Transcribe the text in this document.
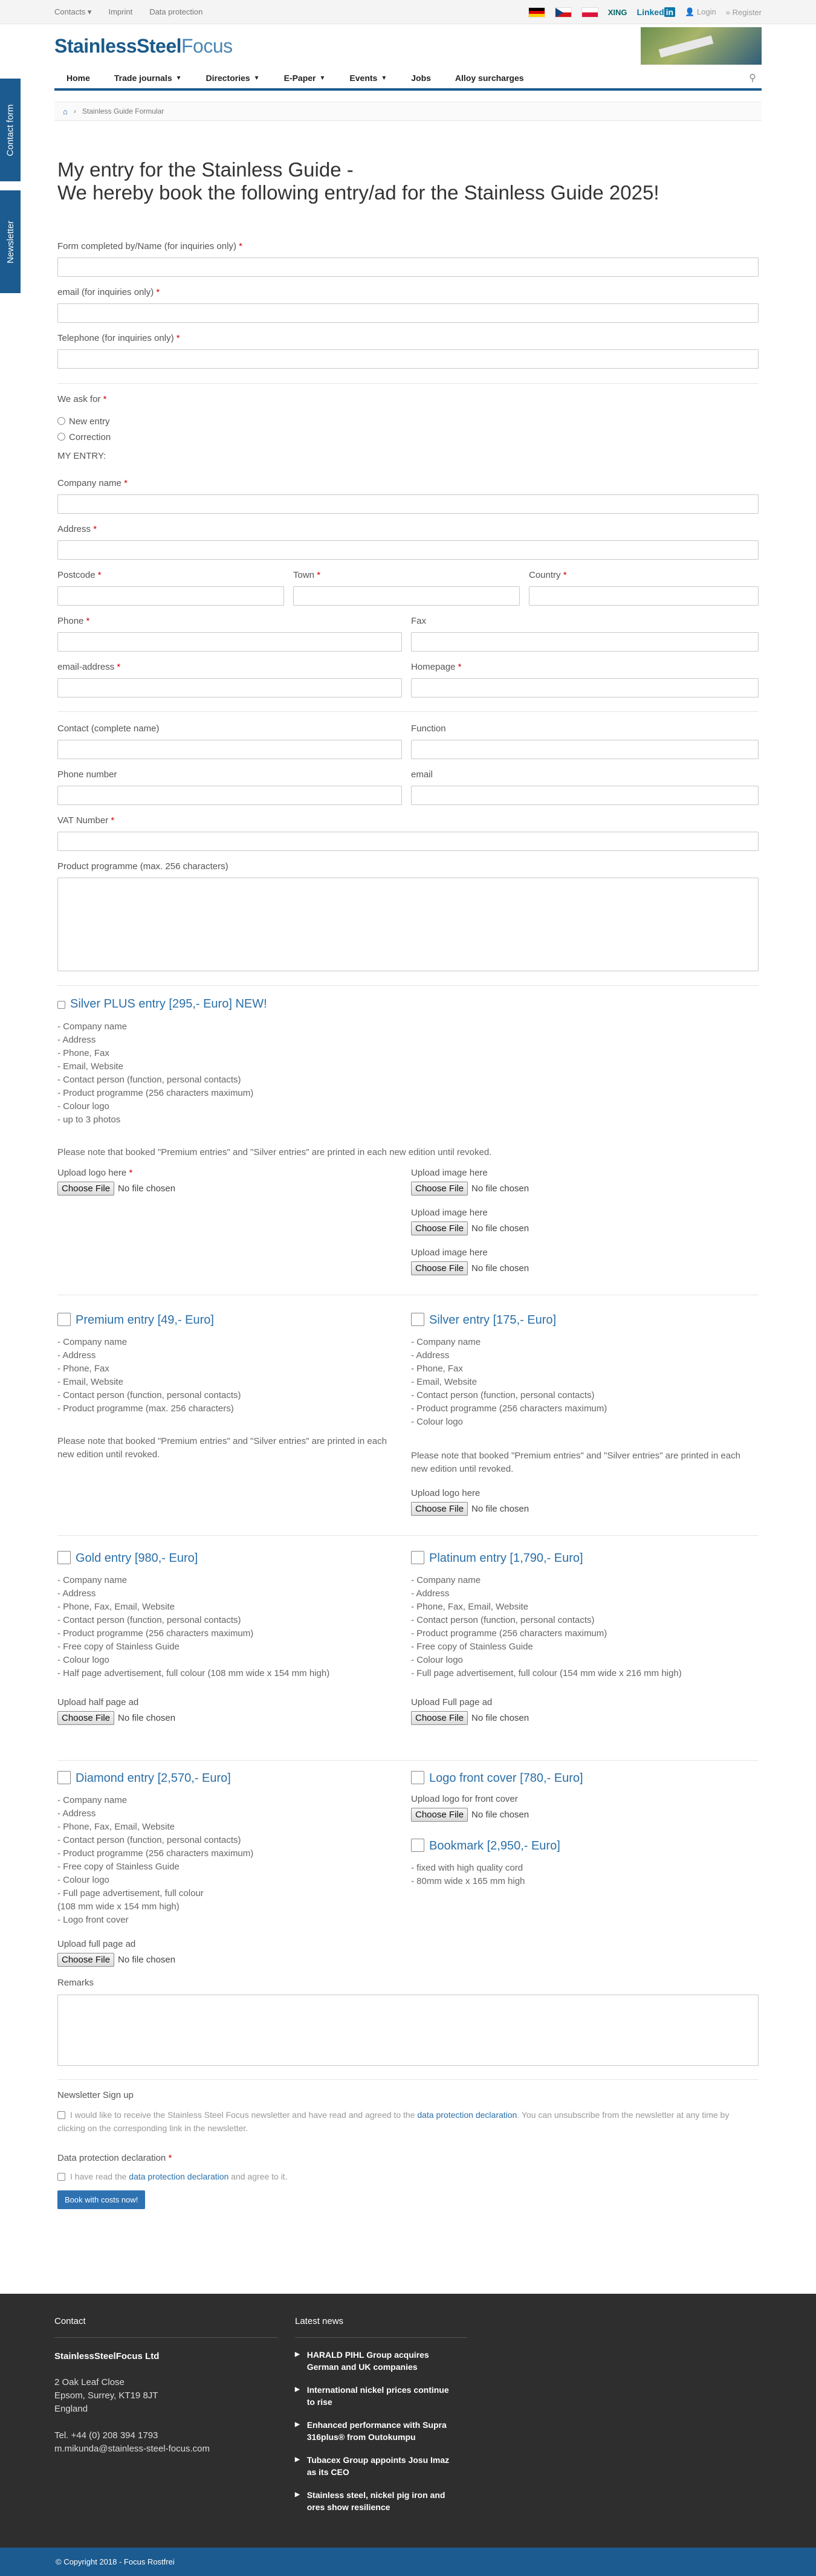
Contacts ▾ Imprint Data protection	XING Linked in 👤 Login » Register
StainlessSteelFocus
Home	Trade journals ▼	Directories ▼	E-Paper ▼	Events ▼	Jobs	Alloy surcharges	⚲
Contact form
Newsletter
⌂ › Stainless Guide Formular
My entry for the Stainless Guide -
We hereby book the following entry/ad for the Stainless Guide 2025!
Form completed by/Name (for inquiries only) *
email (for inquiries only) *
Telephone (for inquiries only) *
We ask for *
New entry
Correction
MY ENTRY:
Company name *
Address *
Postcode *	Town *	Country *
Phone *	Fax
email-address *	Homepage *
Contact (complete name)	Function
Phone number	email
VAT Number *
Product programme (max. 256 characters)
Silver PLUS entry [295,- Euro] NEW!
- Company name
- Address
- Phone, Fax
- Email, Website
- Contact person (function, personal contacts)
- Product programme (256 characters maximum)
- Colour logo
- up to 3 photos
Please note that booked "Premium entries" and "Silver entries" are printed in each new edition until revoked.
Upload logo here *
Choose File No file chosen
Upload image here
Choose File No file chosen
Upload image here
Choose File No file chosen
Upload image here
Choose File No file chosen
Premium entry [49,- Euro]
- Company name
- Address
- Phone, Fax
- Email, Website
- Contact person (function, personal contacts)
- Product programme (max. 256 characters)
Please note that booked "Premium entries" and "Silver entries" are printed in each new edition until revoked.
Silver entry [175,- Euro]
- Company name
- Address
- Phone, Fax
- Email, Website
- Contact person (function, personal contacts)
- Product programme (256 characters maximum)
- Colour logo
Please note that booked "Premium entries" and "Silver entries" are printed in each new edition until revoked.
Upload logo here
Choose File No file chosen
Gold entry [980,- Euro]
- Company name
- Address
- Phone, Fax, Email, Website
- Contact person (function, personal contacts)
- Product programme (256 characters maximum)
- Free copy of Stainless Guide
- Colour logo
- Half page advertisement, full colour (108 mm wide x 154 mm high)
Upload half page ad
Choose File No file chosen
Platinum entry [1,790,- Euro]
- Company name
- Address
- Phone, Fax, Email, Website
- Contact person (function, personal contacts)
- Product programme (256 characters maximum)
- Free copy of Stainless Guide
- Colour logo
- Full page advertisement, full colour (154 mm wide x 216 mm high)
Upload Full page ad
Choose File No file chosen
Diamond entry [2,570,- Euro]
- Company name
- Address
- Phone, Fax, Email, Website
- Contact person (function, personal contacts)
- Product programme (256 characters maximum)
- Free copy of Stainless Guide
- Colour logo
- Full page advertisement, full colour
(108 mm wide x 154 mm high)
- Logo front cover
Upload full page ad
Choose File No file chosen
Logo front cover [780,- Euro]
Upload logo for front cover
Choose File No file chosen
Bookmark [2,950,- Euro]
- fixed with high quality cord
- 80mm wide x 165 mm high
Remarks
Newsletter Sign up
I would like to receive the Stainless Steel Focus newsletter and have read and agreed to the data protection declaration. You can unsubscribe from the newsletter at any time by clicking on the corresponding link in the newsletter.
Data protection declaration *
I have read the data protection declaration and agree to it.
Book with costs now!
Contact
StainlessSteelFocus Ltd
2 Oak Leaf Close
Epsom, Surrey, KT19 8JT
England
Tel. +44 (0) 208 394 1793
m.mikunda@stainless-steel-focus.com
Latest news
▶ HARALD PIHL Group acquires German and UK companies
▶ International nickel prices continue to rise
▶ Enhanced performance with Supra 316plus® from Outokumpu
▶ Tubacex Group appoints Josu Imaz as its CEO
▶ Stainless steel, nickel pig iron and ores show resilience
© Copyright 2018 - Focus Rostfrei
